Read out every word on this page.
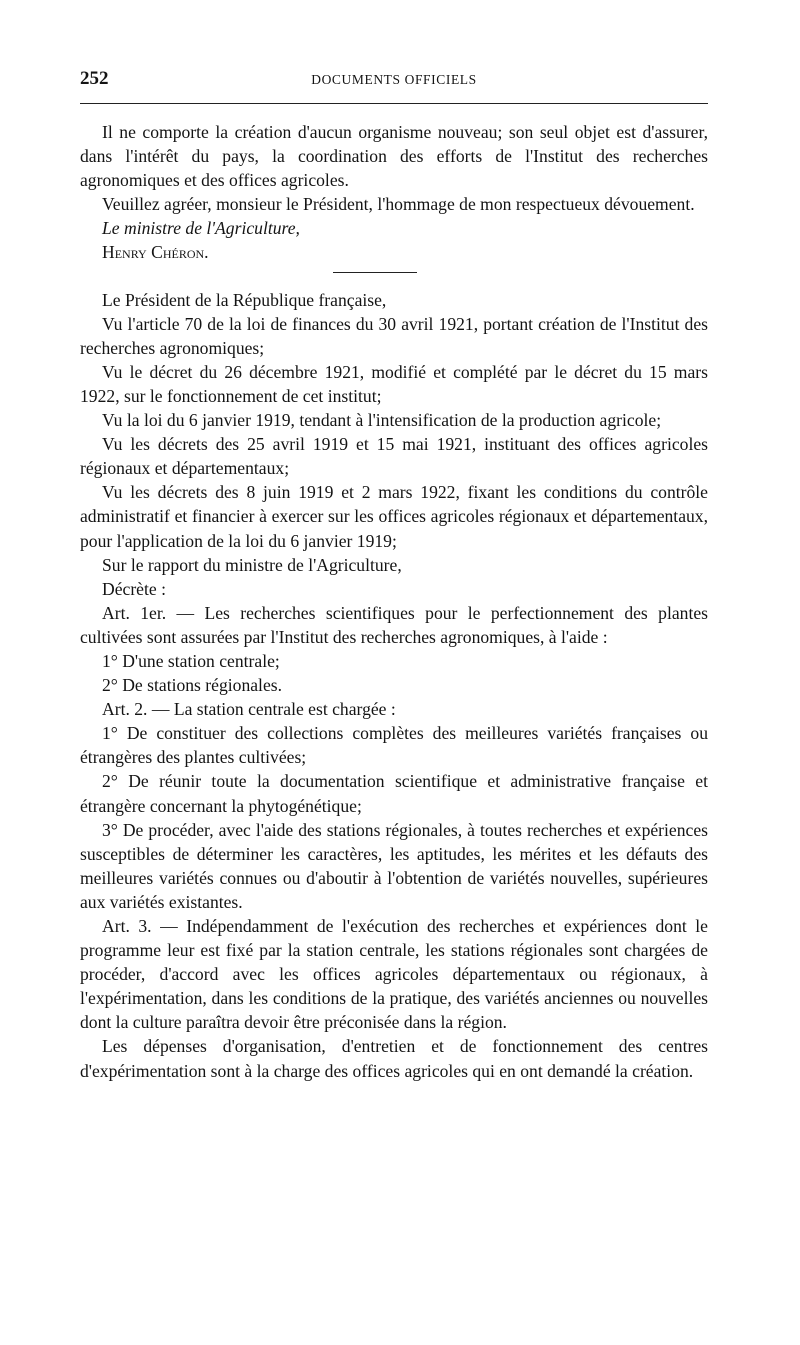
252	DOCUMENTS OFFICIELS

Il ne comporte la création d'aucun organisme nouveau; son seul objet est d'assurer, dans l'intérêt du pays, la coordination des efforts de l'Institut des recherches agronomiques et des offices agricoles.

Veuillez agréer, monsieur le Président, l'hommage de mon respectueux dévouement.

Le ministre de l'Agriculture,

Henry Chéron.

Le Président de la République française,

Vu l'article 70 de la loi de finances du 30 avril 1921, portant création de l'Institut des recherches agronomiques;

Vu le décret du 26 décembre 1921, modifié et complété par le décret du 15 mars 1922, sur le fonctionnement de cet institut;

Vu la loi du 6 janvier 1919, tendant à l'intensification de la production agricole;

Vu les décrets des 25 avril 1919 et 15 mai 1921, instituant des offices agricoles régionaux et départementaux;

Vu les décrets des 8 juin 1919 et 2 mars 1922, fixant les conditions du contrôle administratif et financier à exercer sur les offices agricoles régionaux et départementaux, pour l'application de la loi du 6 janvier 1919;

Sur le rapport du ministre de l'Agriculture,

Décrète :

Art. 1er. — Les recherches scientifiques pour le perfectionnement des plantes cultivées sont assurées par l'Institut des recherches agronomiques, à l'aide :

1° D'une station centrale;

2° De stations régionales.

Art. 2. — La station centrale est chargée :

1° De constituer des collections complètes des meilleures variétés françaises ou étrangères des plantes cultivées;

2° De réunir toute la documentation scientifique et administrative française et étrangère concernant la phytogénétique;

3° De procéder, avec l'aide des stations régionales, à toutes recherches et expériences susceptibles de déterminer les caractères, les aptitudes, les mérites et les défauts des meilleures variétés connues ou d'aboutir à l'obtention de variétés nouvelles, supérieures aux variétés existantes.

Art. 3. — Indépendamment de l'exécution des recherches et expériences dont le programme leur est fixé par la station centrale, les stations régionales sont chargées de procéder, d'accord avec les offices agricoles départementaux ou régionaux, à l'expérimentation, dans les conditions de la pratique, des variétés anciennes ou nouvelles dont la culture paraîtra devoir être préconisée dans la région.

Les dépenses d'organisation, d'entretien et de fonctionnement des centres d'expérimentation sont à la charge des offices agricoles qui en ont demandé la création.
